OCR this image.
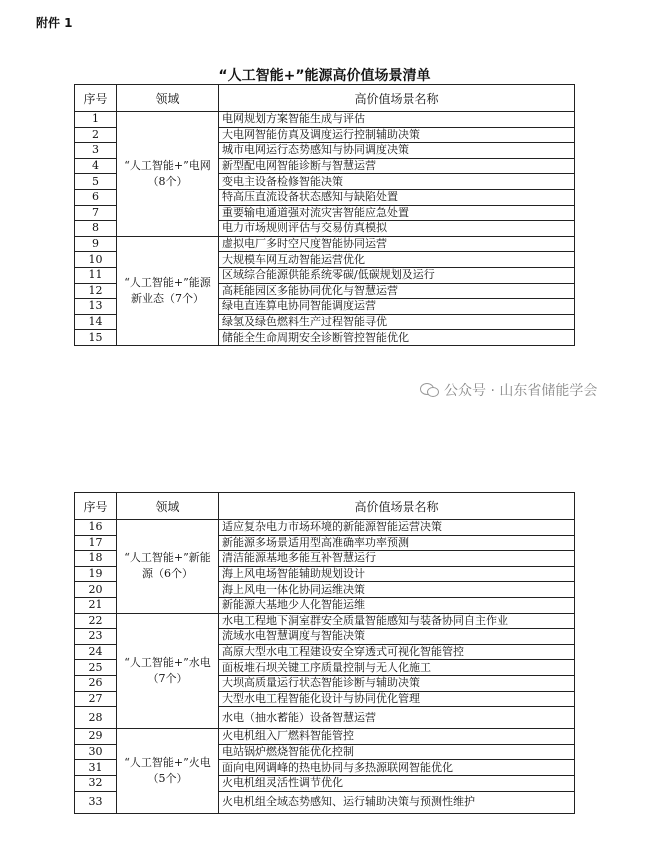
附件 1
“人工智能+”能源高价值场景清单
序号	领域	高价值场景名称
1	“人工智能+”电网（8个）	电网规划方案智能生成与评估
2		大电网智能仿真及调度运行控制辅助决策
3		城市电网运行态势感知与协同调度决策
4		新型配电网智能诊断与智慧运营
5		变电主设备检修智能决策
6		特高压直流设备状态感知与缺陷处置
7		重要输电通道强对流灾害智能应急处置
8		电力市场规则评估与交易仿真模拟
9	“人工智能+”能源新业态（7个）	虚拟电厂多时空尺度智能协同运营
10		大规模车网互动智能运营优化
11		区域综合能源供能系统零碳/低碳规划及运行
12		高耗能园区多能协同优化与智慧运营
13		绿电直连算电协同智能调度运营
14		绿氢及绿色燃料生产过程智能寻优
15		储能全生命周期安全诊断管控智能优化
公众号 · 山东省储能学会
序号	领域	高价值场景名称
16	“人工智能+”新能源（6个）	适应复杂电力市场环境的新能源智能运营决策
17		新能源多场景适用型高准确率功率预测
18		清洁能源基地多能互补智慧运行
19		海上风电场智能辅助规划设计
20		海上风电一体化协同运维决策
21		新能源大基地少人化智能运维
22	“人工智能+”水电（7个）	水电工程地下洞室群安全质量智能感知与装备协同自主作业
23		流域水电智慧调度与智能决策
24		高原大型水电工程建设安全穿透式可视化智能管控
25		面板堆石坝关键工序质量控制与无人化施工
26		大坝高质量运行状态智能诊断与辅助决策
27		大型水电工程智能化设计与协同优化管理
28		水电（抽水蓄能）设备智慧运营
29	“人工智能+”火电（5个）	火电机组入厂燃料智能管控
30		电站锅炉燃烧智能优化控制
31		面向电网调峰的热电协同与多热源联网智能优化
32		火电机组灵活性调节优化
33		火电机组全域态势感知、运行辅助决策与预测性维护
